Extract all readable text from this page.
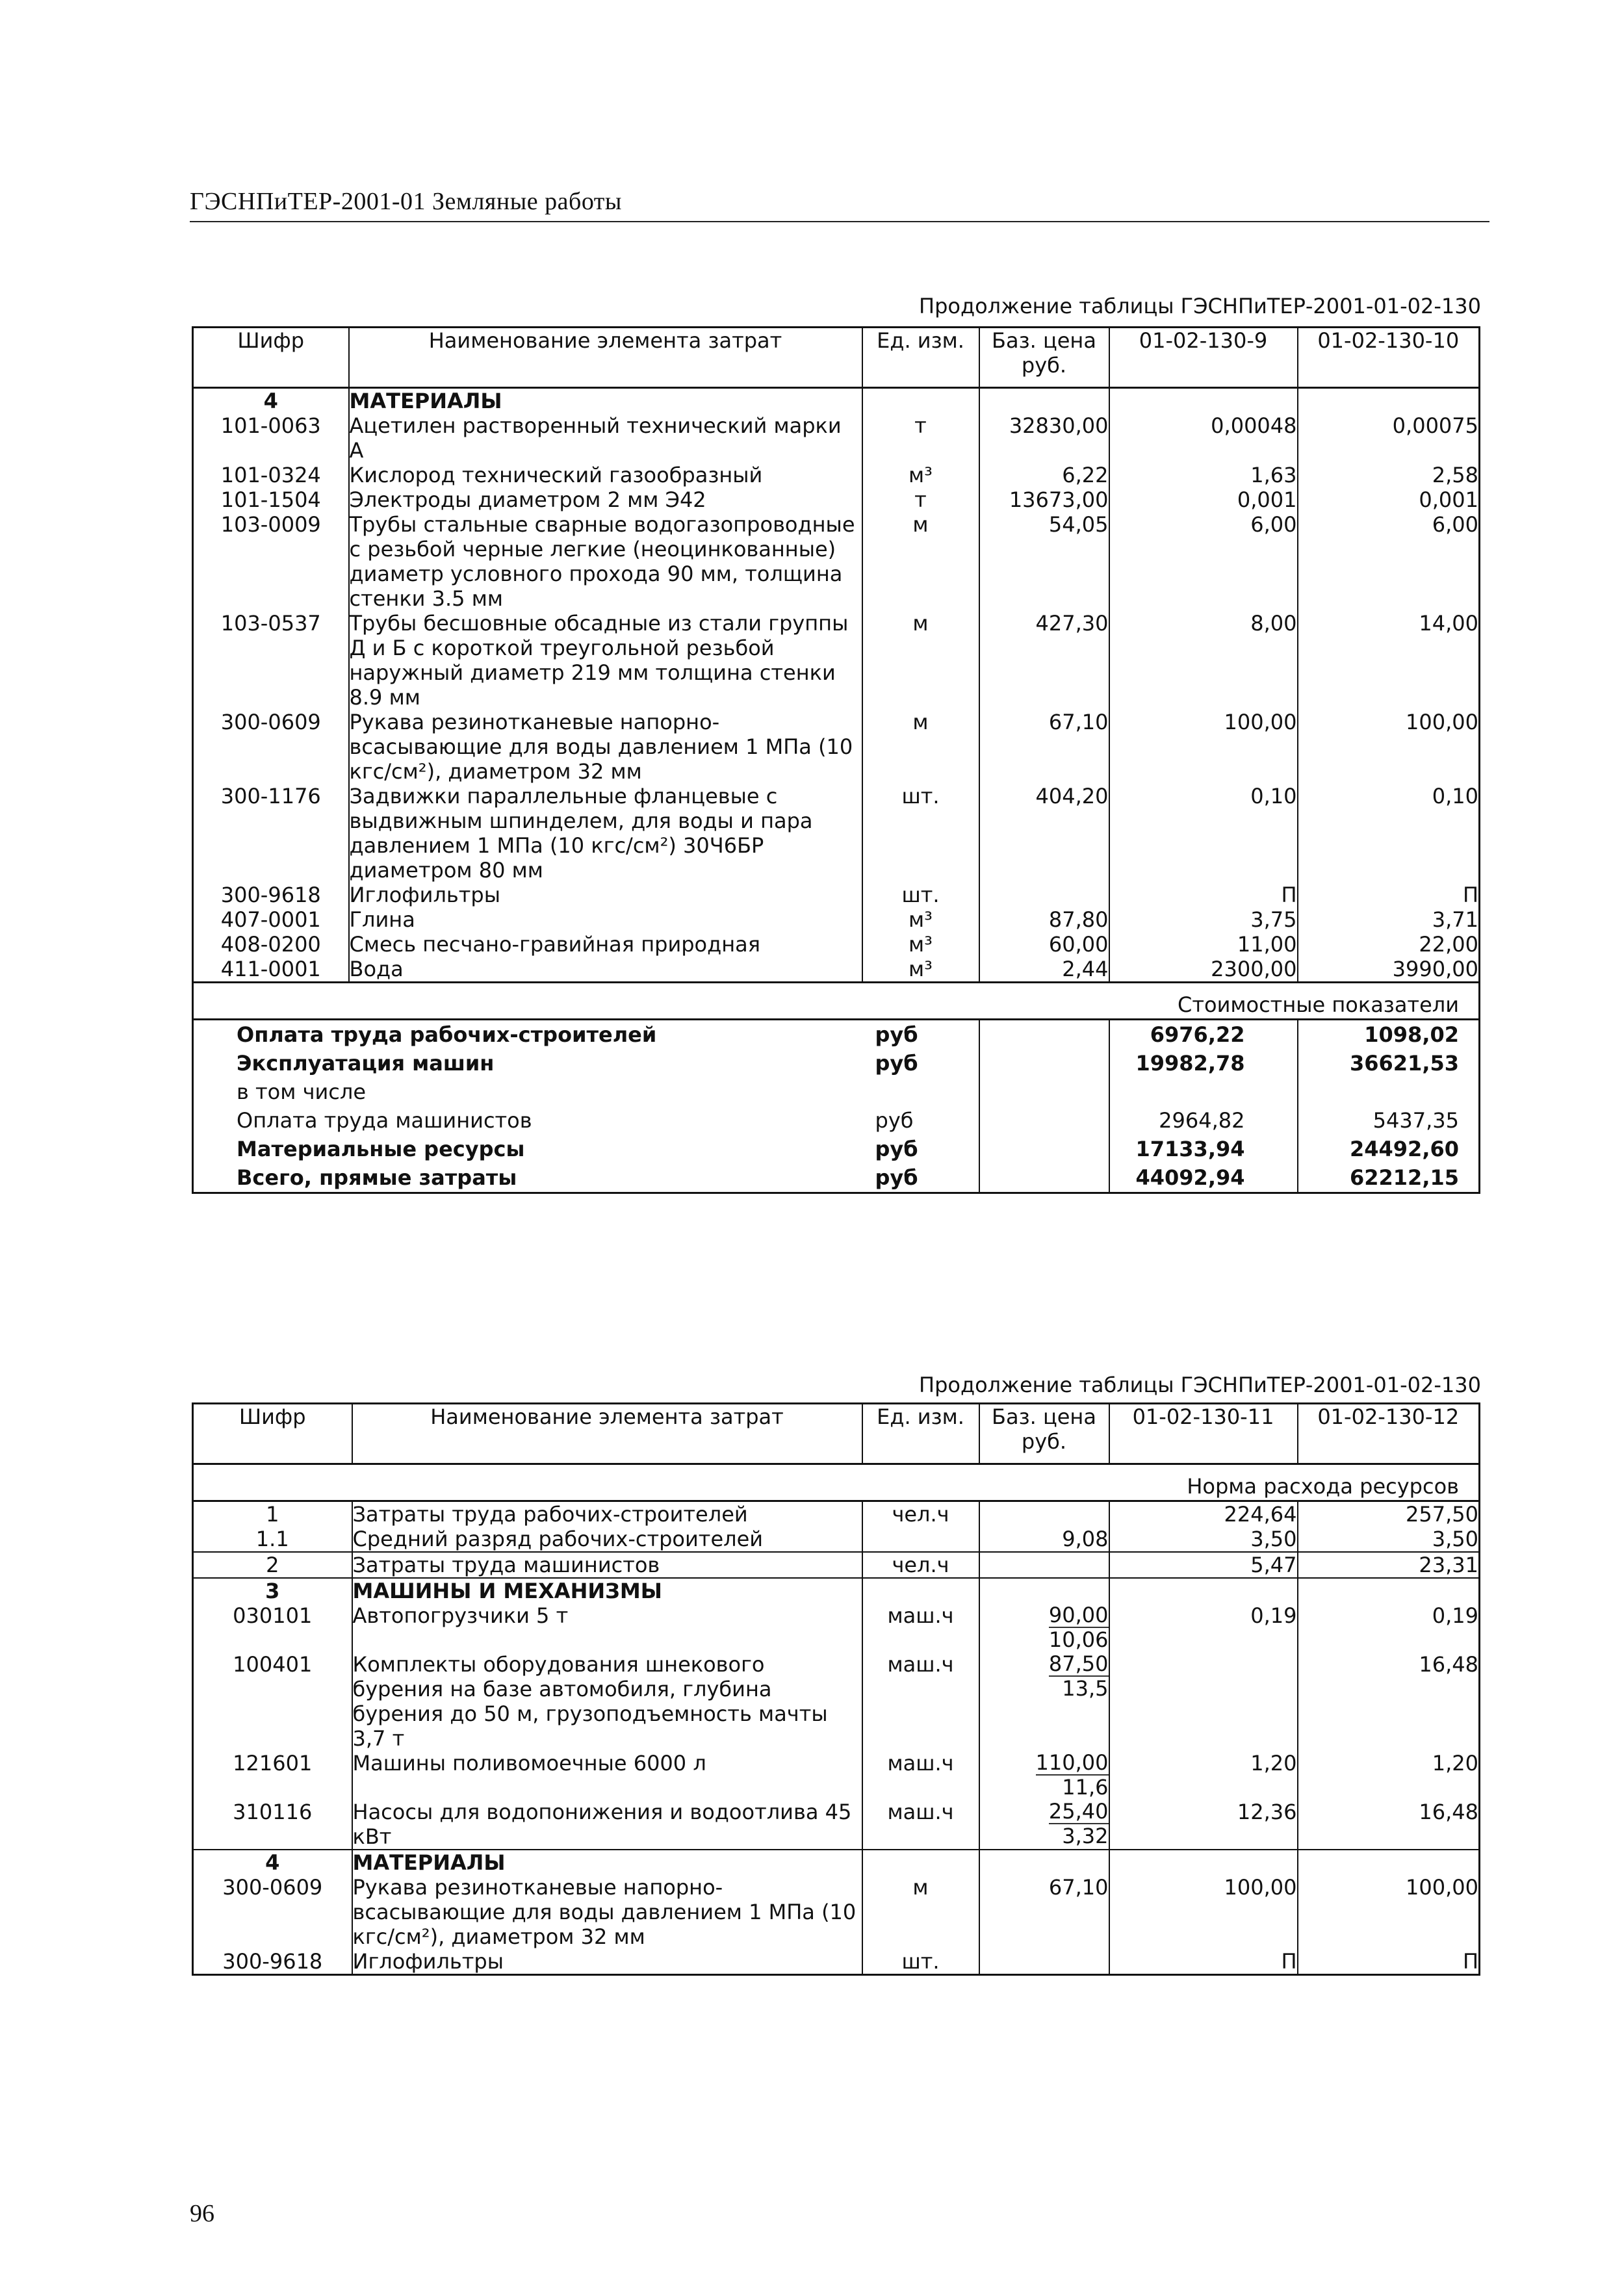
ГЭСНПиТЕР-2001-01 Земляные работы
Продолжение таблицы ГЭСНПиТЕР-2001-01-02-130
Шифр	Наименование элемента затрат	Ед. изм.	Баз. цена руб.	01-02-130-9	01-02-130-10
4	МАТЕРИАЛЫ				
101-0063	Ацетилен растворенный технический марки А	т	32830,00	0,00048	0,00075
101-0324	Кислород технический газообразный	м³	6,22	1,63	2,58
101-1504	Электроды диаметром 2 мм Э42	т	13673,00	0,001	0,001
103-0009	Трубы стальные сварные водогазопроводные с резьбой черные легкие (неоцинкованные) диаметр условного прохода 90 мм, толщина стенки 3.5 мм	м	54,05	6,00	6,00
103-0537	Трубы бесшовные обсадные из стали группы Д и Б с короткой треугольной резьбой наружный диаметр 219 мм толщина стенки 8.9 мм	м	427,30	8,00	14,00
300-0609	Рукава резинотканевые напорно-всасывающие для воды давлением 1 МПа (10 кгс/см²), диаметром 32 мм	м	67,10	100,00	100,00
300-1176	Задвижки параллельные фланцевые с выдвижным шпинделем, для воды и пара давлением 1 МПа (10 кгс/см²) 30Ч6БР диаметром 80 мм	шт.	404,20	0,10	0,10
300-9618	Иглофильтры	шт.		П	П
407-0001	Глина	м³	87,80	3,75	3,71
408-0200	Смесь песчано-гравийная природная	м³	60,00	11,00	22,00
411-0001	Вода	м³	2,44	2300,00	3990,00
Стоимостные показатели					
Оплата труда рабочих-строителей		руб		6976,22	1098,02
Эксплуатация машин		руб		19982,78	36621,53
в том числе					
Оплата труда машинистов		руб		2964,82	5437,35
Материальные ресурсы		руб		17133,94	24492,60
Всего, прямые затраты		руб		44092,94	62212,15
Продолжение таблицы ГЭСНПиТЕР-2001-01-02-130
Шифр	Наименование элемента затрат	Ед. изм.	Баз. цена руб.	01-02-130-11	01-02-130-12
Норма расхода ресурсов					
1	Затраты труда рабочих-строителей	чел.ч		224,64	257,50
1.1	Средний разряд рабочих-строителей		9,08	3,50	3,50
2	Затраты труда машинистов	чел.ч		5,47	23,31
3	МАШИНЫ И МЕХАНИЗМЫ				
030101	Автопогрузчики 5 т	маш.ч	$\frac{90,00}{10,06}$	0,19	0,19
100401	Комплекты оборудования шнекового бурения на базе автомобиля, глубина бурения до 50 м, грузоподъемность мачты 3,7 т	маш.ч	$\frac{87,50}{13,5}$		16,48
121601	Машины поливомоечные 6000 л	маш.ч	$\frac{110,00}{11,6}$	1,20	1,20
310116	Насосы для водопонижения и водоотлива 45 кВт	маш.ч	$\frac{25,40}{3,32}$	12,36	16,48
4	МАТЕРИАЛЫ				
300-0609	Рукава резинотканевые напорно-всасывающие для воды давлением 1 МПа (10 кгс/см²), диаметром 32 мм	м	67,10	100,00	100,00
300-9618	Иглофильтры	шт.		П	П
96
